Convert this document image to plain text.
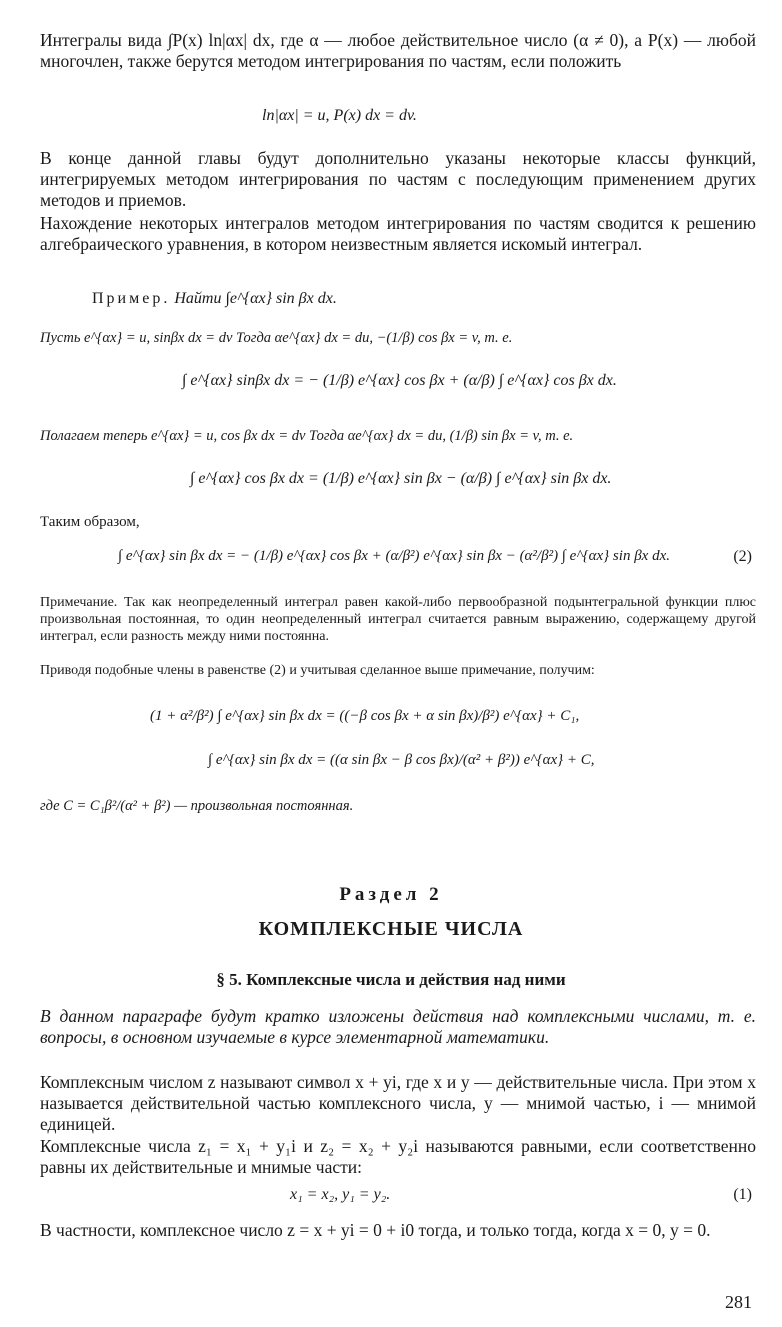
Интегралы вида ∫P(x) ln|αx| dx, где α — любое действительное число (α ≠ 0), а P(x) — любой многочлен, также берутся методом интегрирования по частям, если положить
ln|αx| = u, P(x) dx = dv.
В конце данной главы будут дополнительно указаны некоторые классы функций, интегрируемых методом интегрирования по частям с последующим применением других методов и приемов.
Нахождение некоторых интегралов методом интегрирования по частям сводится к решению алгебраического уравнения, в котором неизвестным является искомый интеграл.
Пример. Найти ∫e^{αx} sin βx dx.
Пусть e^{αx} = u, sinβx dx = dv Тогда αe^{αx} dx = du, −(1/β) cos βx = v, т. е.
∫ e^{αx} sinβx dx = − (1/β) e^{αx} cos βx + (α/β) ∫ e^{αx} cos βx dx.
Полагаем теперь e^{αx} = u, cos βx dx = dv Тогда αe^{αx} dx = du, (1/β) sin βx = v, т. е.
∫ e^{αx} cos βx dx = (1/β) e^{αx} sin βx − (α/β) ∫ e^{αx} sin βx dx.
Таким образом,
∫ e^{αx} sin βx dx = − (1/β) e^{αx} cos βx + (α/β²) e^{αx} sin βx − (α²/β²) ∫ e^{αx} sin βx dx.	(2)
Примечание. Так как неопределенный интеграл равен какой-либо первообразной подынтегральной функции плюс произвольная постоянная, то один неопределенный интеграл считается равным выражению, содержащему другой интеграл, если разность между ними постоянна.
Приводя подобные члены в равенстве (2) и учитывая сделанное выше примечание, получим:
(1 + α²/β²) ∫ e^{αx} sin βx dx = ((−β cos βx + α sin βx)/β²) e^{αx} + C₁,
∫ e^{αx} sin βx dx = ((α sin βx − β cos βx)/(α² + β²)) e^{αx} + C,
где C = C₁β²/(α² + β²) — произвольная постоянная.
Раздел 2
КОМПЛЕКСНЫЕ ЧИСЛА
§ 5. Комплексные числа и действия над ними
В данном параграфе будут кратко изложены действия над комплексными числами, т. е. вопросы, в основном изучаемые в курсе элементарной математики.
Комплексным числом z называют символ x + yi, где x и y — действительные числа. При этом x называется действительной частью комплексного числа, y — мнимой частью, i — мнимой единицей.
Комплексные числа z₁ = x₁ + y₁i и z₂ = x₂ + y₂i называются равными, если соответственно равны их действительные и мнимые части:
x₁ = x₂, y₁ = y₂.	(1)
В частности, комплексное число z = x + yi = 0 + i0 тогда, и только тогда, когда x = 0, y = 0.
281
